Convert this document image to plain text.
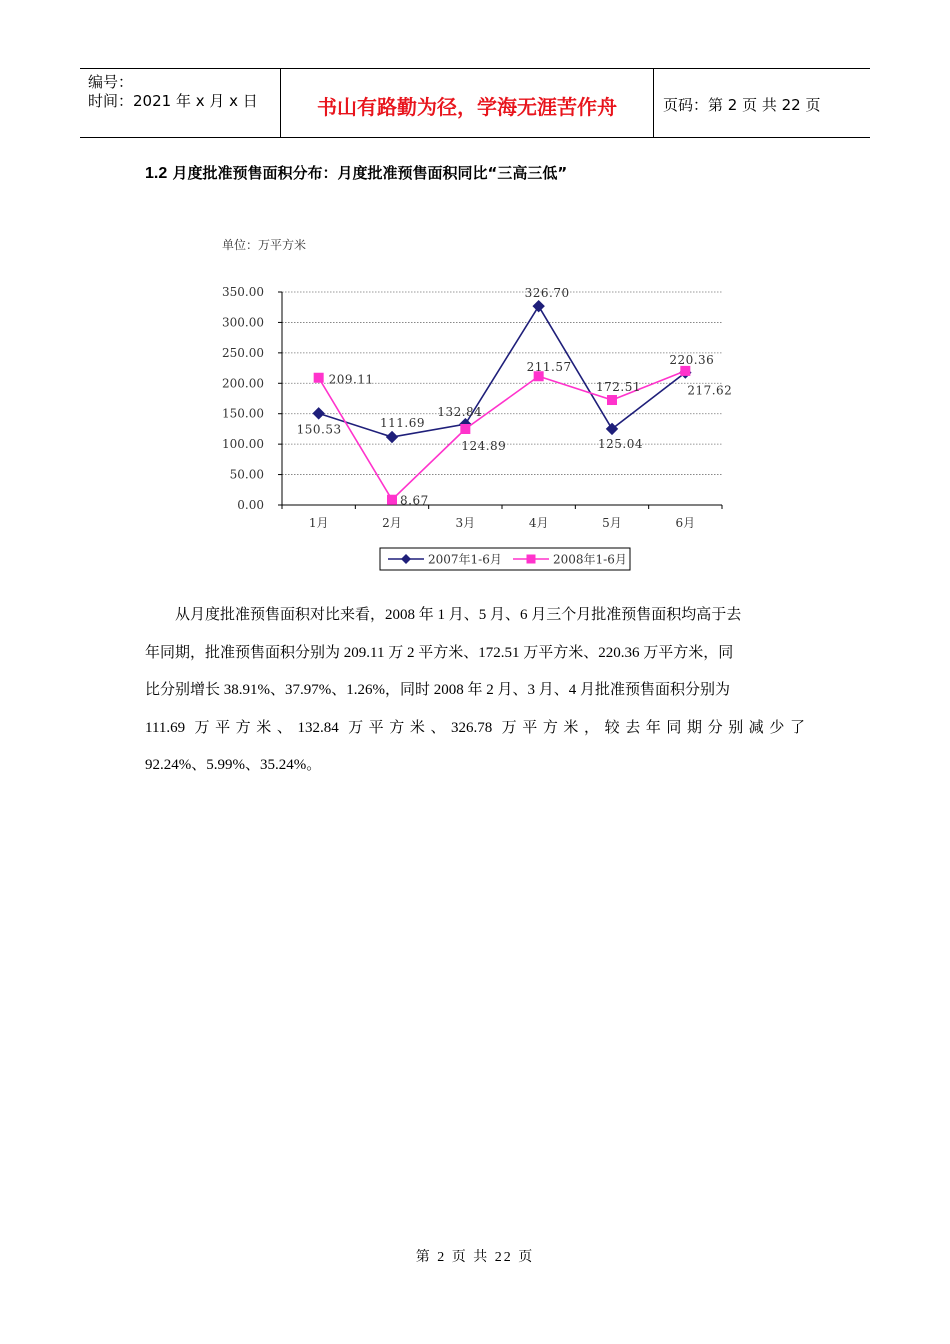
编号：
时间：2021 年 x 月 x 日	书山有路勤为径，学海无涯苦作舟	页码：第 2 页 共 22 页
1.2 月度批准预售面积分布：月度批准预售面积同比“三高三低”
单位：万平方米
0.00
50.00
100.00
150.00
200.00
250.00
300.00
350.00
1月	2月	3月	4月	5月	6月
150.53	111.69
132.84
326.70
125.04
217.62
209.11
8.67
124.89
211.57
172.51
220.36
2007年1-6月	2008年1-6月

从月度批准预售面积对比来看，2008 年 1 月、5 月、6 月三个月批准预售面积均高于去
年同期，批准预售面积分别为 209.11 万 2 平方米、172.51 万平方米、220.36 万平方米，同
比分别增长 38.91%、37.97%、1.26%，同时 2008 年 2 月、3 月、4 月批准预售面积分别为
111.69 万平方米、132.84 万平方米、326.78 万平方米，较去年同期分别减少了
92.24%、5.99%、35.24%。

第 2 页 共 22 页
